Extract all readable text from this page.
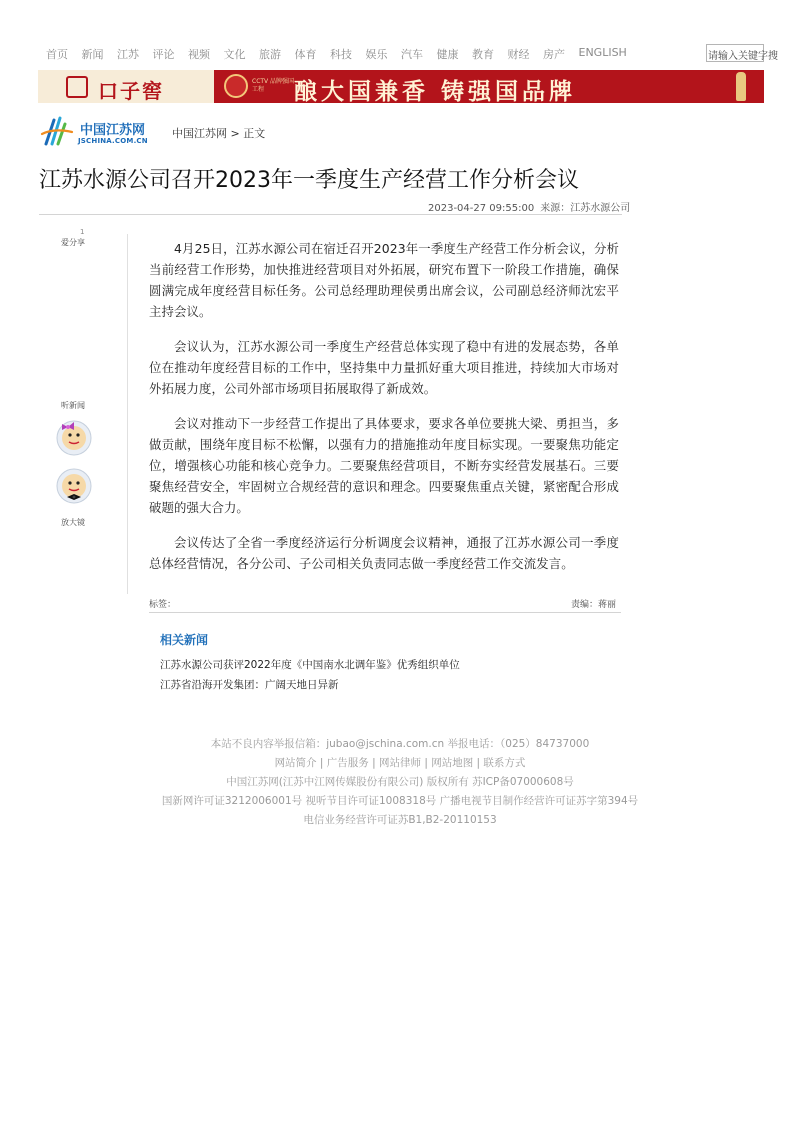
首页 新闻 江苏 评论 视频 文化 旅游 体育 科技 娱乐 汽车 健康 教育 财经 房产 ENGLISH	请输入关键字搜
口子窖	CCTV 品牌强国工程	酿大国兼香 铸强国品牌
中国江苏网
JSCHINA.COM.CN
中国江苏网 > 正文
江苏水源公司召开2023年一季度生产经营工作分析会议
2023-04-27 09:55:00 来源：江苏水源公司
1
爱分享
听新闻
放大镜

4月25日，江苏水源公司在宿迁召开2023年一季度生产经营工作分析会议，分析当前经营工作形势，加快推进经营项目对外拓展，研究布置下一阶段工作措施，确保圆满完成年度经营目标任务。公司总经理助理侯勇出席会议，公司副总经济师沈宏平主持会议。

会议认为，江苏水源公司一季度生产经营总体实现了稳中有进的发展态势，各单位在推动年度经营目标的工作中，坚持集中力量抓好重大项目推进，持续加大市场对外拓展力度，公司外部市场项目拓展取得了新成效。

会议对推动下一步经营工作提出了具体要求，要求各单位要挑大梁、勇担当，多做贡献，围绕年度目标不松懈，以强有力的措施推动年度目标实现。一要聚焦功能定位，增强核心功能和核心竞争力。二要聚焦经营项目，不断夯实经营发展基石。三要聚焦经营安全，牢固树立合规经营的意识和理念。四要聚焦重点关键，紧密配合形成破题的强大合力。

会议传达了全省一季度经济运行分析调度会议精神，通报了江苏水源公司一季度总体经营情况，各分公司、子公司相关负责同志做一季度经营工作交流发言。

标签：	责编：蒋丽
相关新闻
江苏水源公司获评2022年度《中国南水北调年鉴》优秀组织单位
江苏省沿海开发集团：广阔天地日异新
本站不良内容举报信箱：jubao@jschina.com.cn 举报电话：（025）84737000
网站简介 | 广告服务 | 网站律师 | 网站地图 | 联系方式
中国江苏网(江苏中江网传媒股份有限公司) 版权所有 苏ICP备07000608号
国新网许可证3212006001号 视听节目许可证1008318号 广播电视节目制作经营许可证苏字第394号
电信业务经营许可证苏B1,B2-20110153
